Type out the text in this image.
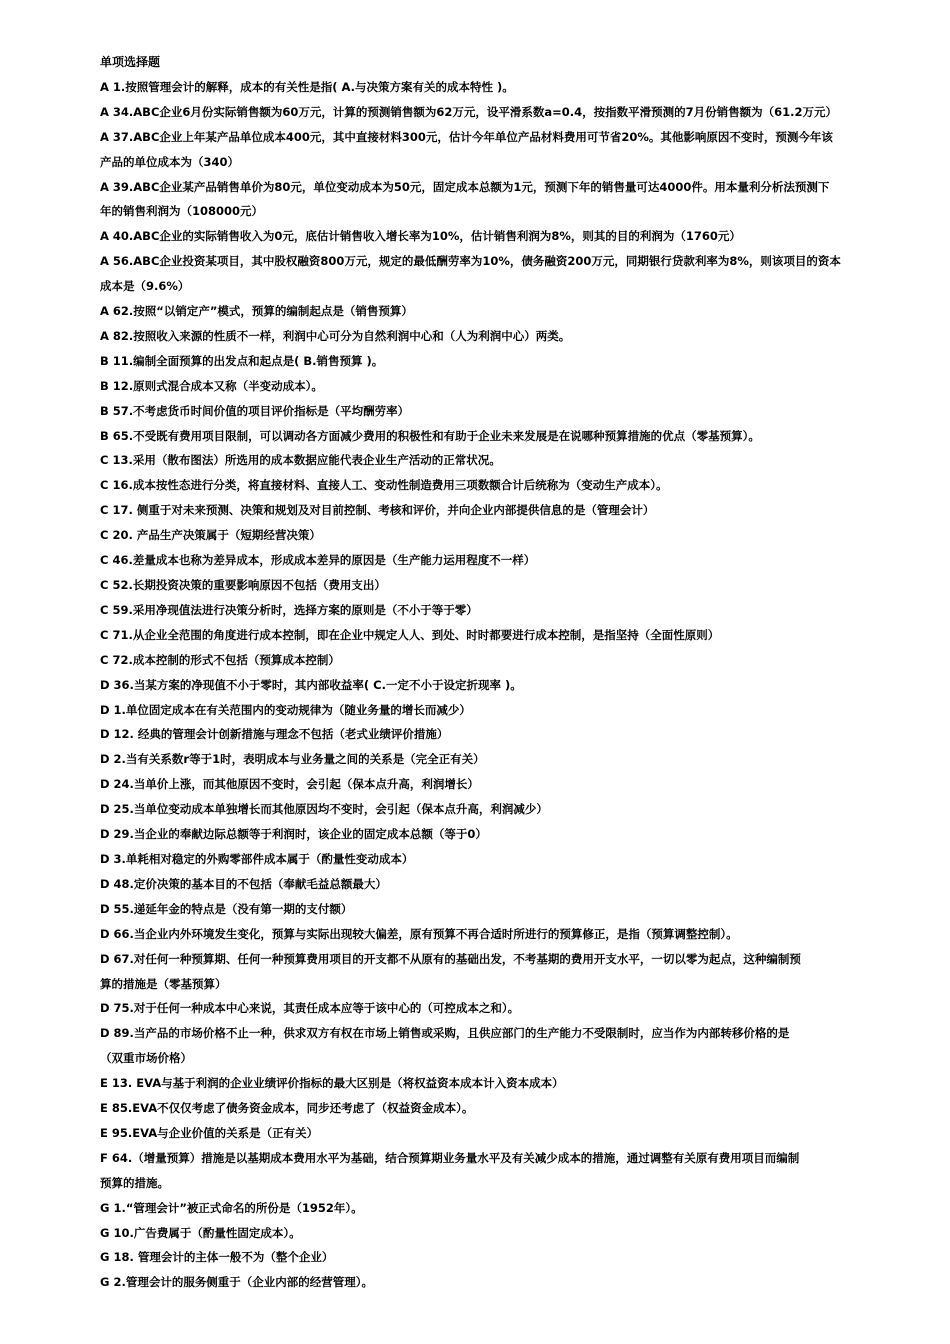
单项选择题
A 1.按照管理会计的解释，成本的有关性是指( A.与决策方案有关的成本特性 )。
A 34.ABC企业6月份实际销售额为60万元，计算的预测销售额为62万元，设平滑系数a=0.4，按指数平滑预测的7月份销售额为（61.2万元）
A 37.ABC企业上年某产品单位成本400元，其中直接材料300元，估计今年单位产品材料费用可节省20%。其他影响原因不变时，预测今年该
产品的单位成本为（340）
A 39.ABC企业某产品销售单价为80元，单位变动成本为50元，固定成本总额为1元，预测下年的销售量可达4000件。用本量利分析法预测下
年的销售利润为（108000元）
A 40.ABC企业的实际销售收入为0元，底估计销售收入增长率为10%，估计销售利润为8%，则其的目的利润为（1760元）
A 56.ABC企业投资某项目，其中股权融资800万元，规定的最低酬劳率为10%，债务融资200万元，同期银行贷款利率为8%，则该项目的资本
成本是（9.6%）
A 62.按照“以销定产”模式，预算的编制起点是（销售预算）
A 82.按照收入来源的性质不一样，利润中心可分为自然利润中心和（人为利润中心）两类。
B 11.编制全面预算的出发点和起点是( B.销售预算 )。
B 12.原则式混合成本又称（半变动成本）。
B 57.不考虑货币时间价值的项目评价指标是（平均酬劳率）
B 65.不受既有费用项目限制，可以调动各方面减少费用的积极性和有助于企业未来发展是在说哪种预算措施的优点（零基预算）。
C 13.采用（散布图法）所选用的成本数据应能代表企业生产活动的正常状况。
C 16.成本按性态进行分类，将直接材料、直接人工、变动性制造费用三项数额合计后统称为（变动生产成本）。
C 17. 侧重于对未来预测、决策和规划及对目前控制、考核和评价，并向企业内部提供信息的是（管理会计）
C 20. 产品生产决策属于（短期经营决策）
C 46.差量成本也称为差异成本，形成成本差异的原因是（生产能力运用程度不一样）
C 52.长期投资决策的重要影响原因不包括（费用支出）
C 59.采用净现值法进行决策分析时，选择方案的原则是（不小于等于零）
C 71.从企业全范围的角度进行成本控制，即在企业中规定人人、到处、时时都要进行成本控制，是指坚持（全面性原则）
C 72.成本控制的形式不包括（预算成本控制）
D 36.当某方案的净现值不小于零时，其内部收益率( C.一定不小于设定折现率 )。
D 1.单位固定成本在有关范围内的变动规律为（随业务量的增长而减少）
D 12. 经典的管理会计创新措施与理念不包括（老式业绩评价措施）
D 2.当有关系数r等于1时，表明成本与业务量之间的关系是（完全正有关）
D 24.当单价上涨，而其他原因不变时，会引起（保本点升高，利润增长）
D 25.当单位变动成本单独增长而其他原因均不变时，会引起（保本点升高，利润减少）
D 29.当企业的奉献边际总额等于利润时，该企业的固定成本总额（等于0）
D 3.单耗相对稳定的外购零部件成本属于（酌量性变动成本）
D 48.定价决策的基本目的不包括（奉献毛益总额最大）
D 55.递延年金的特点是（没有第一期的支付额）
D 66.当企业内外环境发生变化，预算与实际出现较大偏差，原有预算不再合适时所进行的预算修正，是指（预算调整控制）。
D 67.对任何一种预算期、任何一种预算费用项目的开支都不从原有的基础出发，不考基期的费用开支水平，一切以零为起点，这种编制预
算的措施是（零基预算）
D 75.对于任何一种成本中心来说，其责任成本应等于该中心的（可控成本之和）。
D 89.当产品的市场价格不止一种，供求双方有权在市场上销售或采购，且供应部门的生产能力不受限制时，应当作为内部转移价格的是
（双重市场价格）
E 13. EVA与基于利润的企业业绩评价指标的最大区别是（将权益资本成本计入资本成本）
E 85.EVA不仅仅考虑了债务资金成本，同步还考虑了（权益资金成本）。
E 95.EVA与企业价值的关系是（正有关）
F 64.（增量预算）措施是以基期成本费用水平为基础，结合预算期业务量水平及有关减少成本的措施，通过调整有关原有费用项目而编制
预算的措施。
G 1.“管理会计”被正式命名的所份是（1952年）。
G 10.广告费属于（酌量性固定成本）。
G 18. 管理会计的主体一般不为（整个企业）
G 2.管理会计的服务侧重于（企业内部的经营管理）。
